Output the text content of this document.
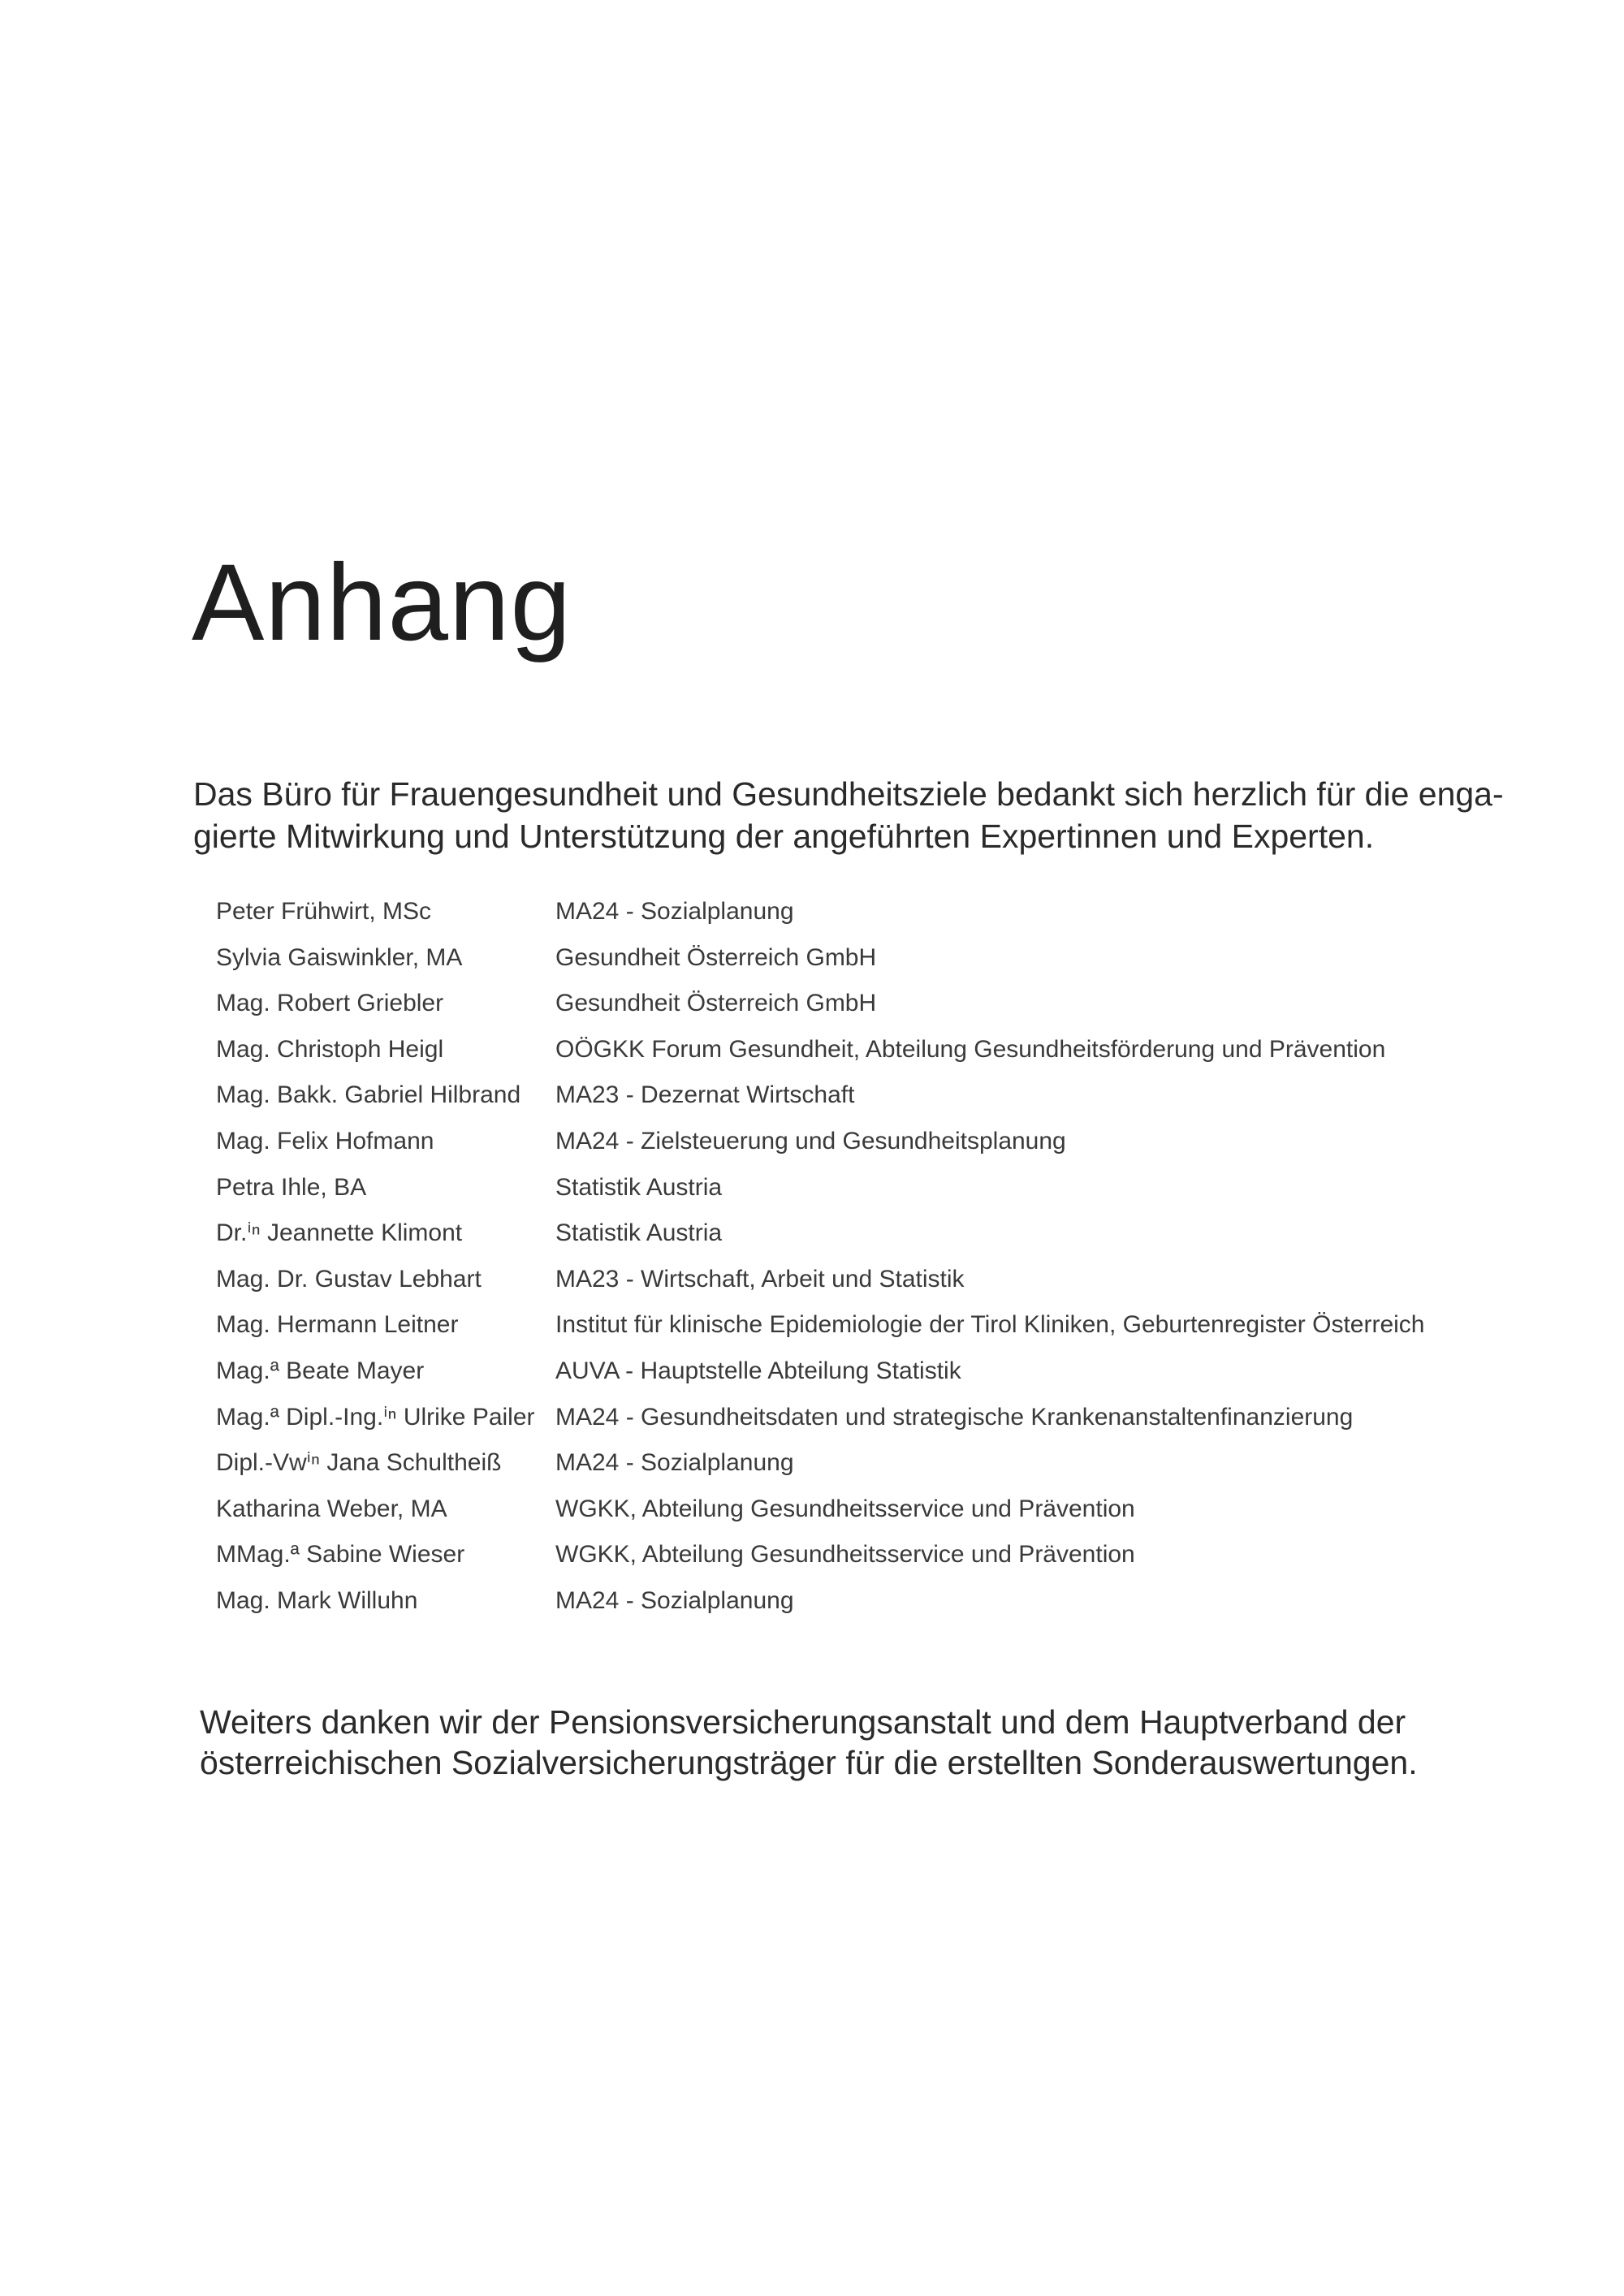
Anhang

Das Büro für Frauengesundheit und Gesundheitsziele bedankt sich herzlich für die enga-
gierte Mitwirkung und Unterstützung der angeführten Expertinnen und Experten.

Peter Frühwirt, MSc	MA24 - Sozialplanung
Sylvia Gaiswinkler, MA	Gesundheit Österreich GmbH
Mag. Robert Griebler	Gesundheit Österreich GmbH
Mag. Christoph Heigl	OÖGKK Forum Gesundheit, Abteilung Gesundheitsförderung und Prävention
Mag. Bakk. Gabriel Hilbrand	MA23 - Dezernat Wirtschaft
Mag. Felix Hofmann	MA24 - Zielsteuerung und Gesundheitsplanung
Petra Ihle, BA	Statistik Austria
Dr.ⁱⁿ Jeannette Klimont	Statistik Austria
Mag. Dr. Gustav Lebhart	MA23 - Wirtschaft, Arbeit und Statistik
Mag. Hermann Leitner	Institut für klinische Epidemiologie der Tirol Kliniken, Geburtenregister Österreich
Mag.ª Beate Mayer	AUVA - Hauptstelle Abteilung Statistik
Mag.ª Dipl.-Ing.ⁱⁿ Ulrike Pailer MA24 - Gesundheitsdaten und strategische Krankenanstaltenfinanzierung
Dipl.-Vwⁱⁿ Jana Schultheiß	MA24 - Sozialplanung
Katharina Weber, MA	WGKK, Abteilung Gesundheitsservice und Prävention
MMag.ª Sabine Wieser	WGKK, Abteilung Gesundheitsservice und Prävention
Mag. Mark Willuhn	MA24 - Sozialplanung

Weiters danken wir der Pensionsversicherungsanstalt und dem Hauptverband der
österreichischen Sozialversicherungsträger für die erstellten Sonderauswertungen.
